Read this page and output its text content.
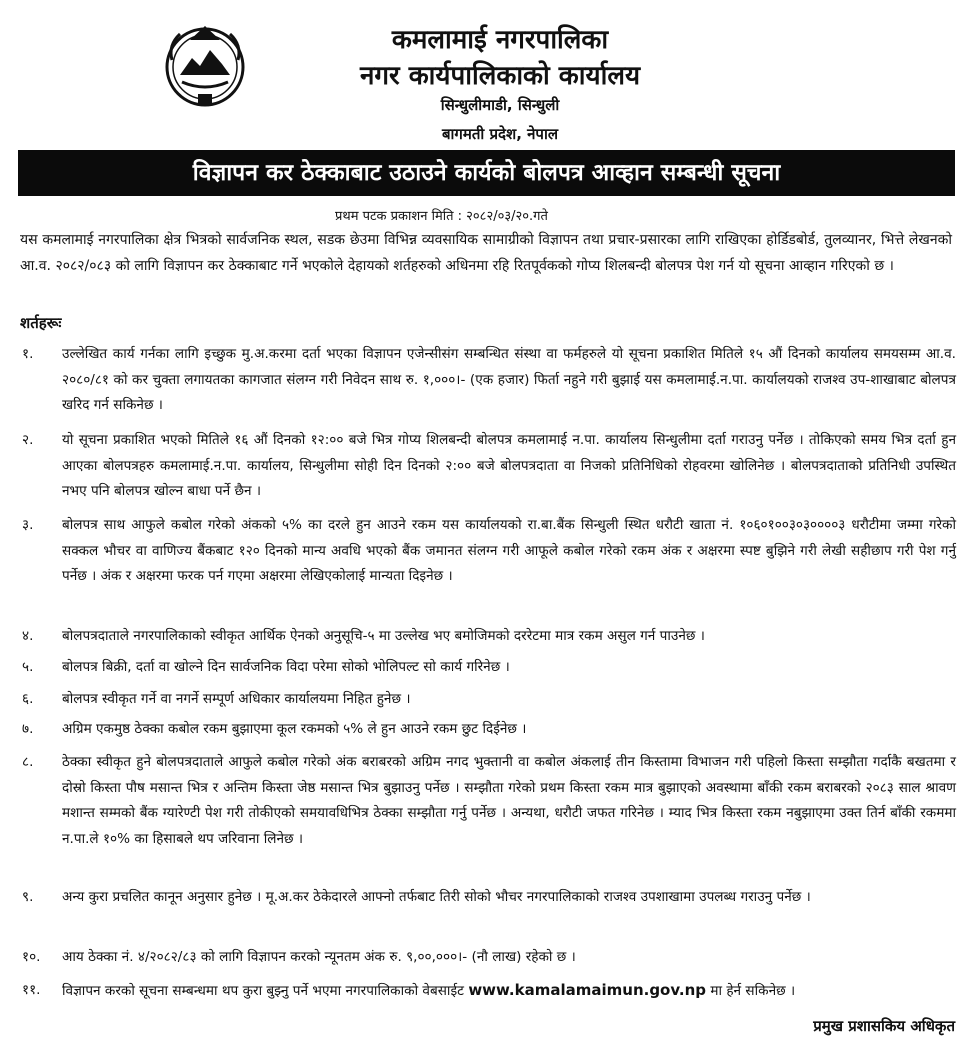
कमलामाई नगरपालिका
नगर कार्यपालिकाको कार्यालय
सिन्धुलीमाडी, सिन्धुली
बागमती प्रदेश, नेपाल
विज्ञापन कर ठेक्काबाट उठाउने कार्यको बोलपत्र आव्हान सम्बन्धी सूचना
प्रथम पटक प्रकाशन मिति : २०८२/०३/२०.गते
यस कमलामाई नगरपालिका क्षेत्र भित्रको सार्वजनिक स्थल, सडक छेउमा विभिन्न व्यवसायिक सामाग्रीको विज्ञापन तथा प्रचार-प्रसारका लागि राखिएका होर्डिडबोर्ड, तुलव्यानर, भित्ते लेखनको आ.व. २०८२/०८३ को लागि विज्ञापन कर ठेक्काबाट गर्ने भएकोले देहायको शर्तहरुको अधिनमा रहि रितपूर्वकको गोप्य शिलबन्दी बोलपत्र पेश गर्न यो सूचना आव्हान गरिएको छ ।
शर्तहरूः
१.	उल्लेखित कार्य गर्नका लागि इच्छुक मु.अ.करमा दर्ता भएका विज्ञापन एजेन्सीसंग सम्बन्धित संस्था वा फर्महरुले यो सूचना प्रकाशित मितिले १५ औं दिनको कार्यालय समयसम्म आ.व. २०८०/८१ को कर चुक्ता लगायतका कागजात संलग्न गरी निवेदन साथ रु. १,०००।- (एक हजार) फिर्ता नहुने गरी बुझाई यस कमलामाई.न.पा. कार्यालयको राजश्व उप-शाखाबाट बोलपत्र खरिद गर्न सकिनेछ ।
२.	यो सूचना प्रकाशित भएको मितिले १६ औं दिनको १२:०० बजे भित्र गोप्य शिलबन्दी बोलपत्र कमलामाई न.पा. कार्यालय सिन्धुलीमा दर्ता गराउनु पर्नेछ । तोकिएको समय भित्र दर्ता हुन आएका बोलपत्रहरु कमलामाई.न.पा. कार्यालय, सिन्धुलीमा सोही दिन दिनको २:०० बजे बोलपत्रदाता वा निजको प्रतिनिधिको रोहवरमा खोलिनेछ । बोलपत्रदाताको प्रतिनिधी उपस्थित नभए पनि बोलपत्र खोल्न बाधा पर्ने छैन ।
३.	बोलपत्र साथ आफुले कबोल गरेको अंकको ५% का दरले हुन आउने रकम यस कार्यालयको रा.बा.बैंक सिन्धुली स्थित धरौटी खाता नं. १०६०१००३०३००००३ धरौटीमा जम्मा गरेको सक्कल भौचर वा वाणिज्य बैंकबाट १२० दिनको मान्य अवधि भएको बैंक जमानत संलग्न गरी आफूले कबोल गरेको रकम अंक र अक्षरमा स्पष्ट बुझिने गरी लेखी सहीछाप गरी पेश गर्नु पर्नेछ । अंक र अक्षरमा फरक पर्न गएमा अक्षरमा लेखिएकोलाई मान्यता दिइनेछ ।
४.	बोलपत्रदाताले नगरपालिकाको स्वीकृत आर्थिक ऐनको अनुसूचि-५ मा उल्लेख भए बमोजिमको दररेटमा मात्र रकम असुल गर्न पाउनेछ ।
५.	बोलपत्र बिक्री, दर्ता वा खोल्ने दिन सार्वजनिक विदा परेमा सोको भोलिपल्ट सो कार्य गरिनेछ ।
६.	बोलपत्र स्वीकृत गर्ने वा नगर्ने सम्पूर्ण अधिकार कार्यालयमा निहित हुनेछ ।
७.	अग्रिम एकमुष्ठ ठेक्का कबोल रकम बुझाएमा कूल रकमको ५% ले हुन आउने रकम छुट दिईनेछ ।
८.	ठेक्का स्वीकृत हुने बोलपत्रदाताले आफुले कबोल गरेको अंक बराबरको अग्रिम नगद भुक्तानी वा कबोल अंकलाई तीन किस्तामा विभाजन गरी पहिलो किस्ता सम्झौता गर्दाकै बखतमा र दोस्रो किस्ता पौष मसान्त भित्र र अन्तिम किस्ता जेष्ठ मसान्त भित्र बुझाउनु पर्नेछ । सम्झौता गरेको प्रथम किस्ता रकम मात्र बुझाएको अवस्थामा बाँकी रकम बराबरको २०८३ साल श्रावण मशान्त सम्मको बैंक ग्यारेण्टी पेश गरी तोकीएको समयावधिभित्र ठेक्का सम्झौता गर्नु पर्नेछ । अन्यथा, धरौटी जफत गरिनेछ । म्याद भित्र किस्ता रकम नबुझाएमा उक्त तिर्न बाँकी रकममा न.पा.ले १०% का हिसाबले थप जरिवाना लिनेछ ।
९.	अन्य कुरा प्रचलित कानून अनुसार हुनेछ । मू.अ.कर ठेकेदारले आफ्नो तर्फबाट तिरी सोको भौचर नगरपालिकाको राजश्व उपशाखामा उपलब्ध गराउनु पर्नेछ ।
१०.	आय ठेक्का नं. ४/२०८२/८३ को लागि विज्ञापन करको न्यूनतम अंक रु. ९,००,०००।- (नौ लाख) रहेको छ ।
११.	विज्ञापन करको सूचना सम्बन्धमा थप कुरा बुझ्नु पर्ने भएमा नगरपालिकाको वेबसाईट www.kamalamaimun.gov.np मा हेर्न सकिनेछ ।
प्रमुख प्रशासकिय अधिकृत
